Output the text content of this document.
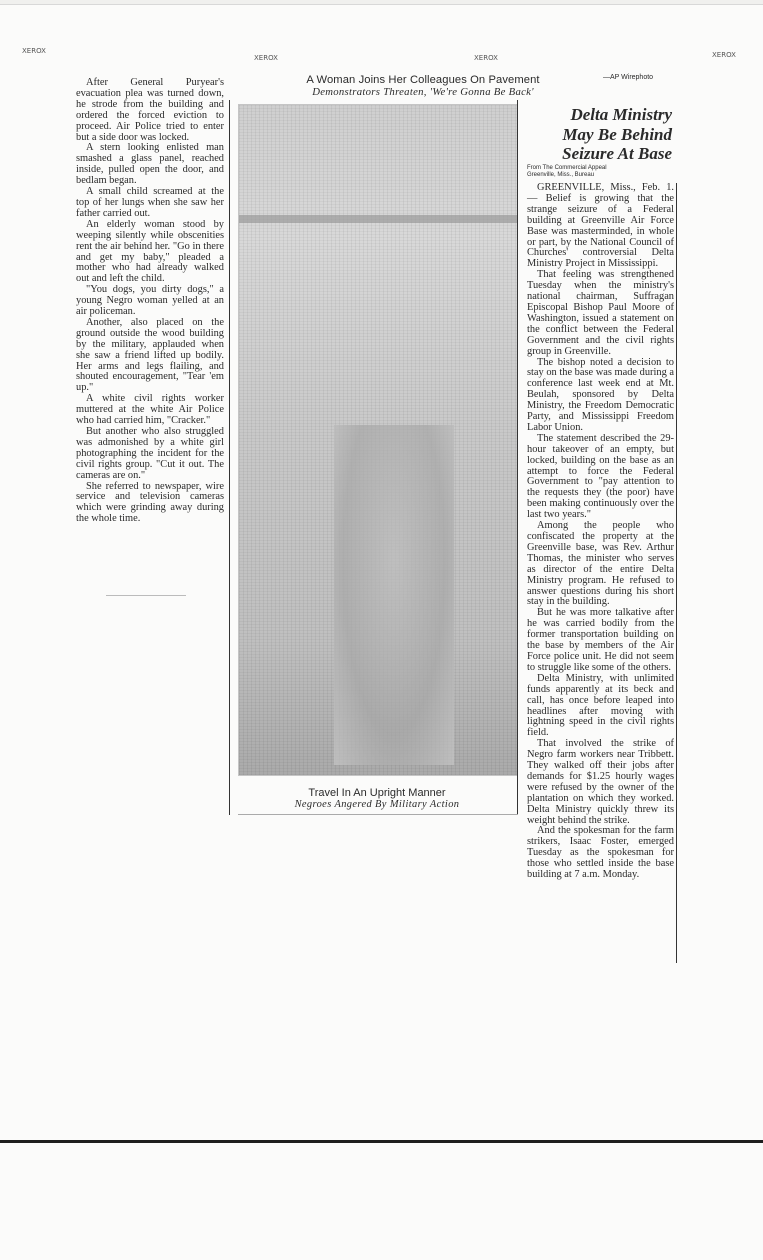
XEROX
XEROX	XEROX	XEROX

After General Puryear's evacuation plea was turned down, he strode from the building and ordered the forced eviction to proceed. Air Police tried to enter but a side door was locked.

A stern looking enlisted man smashed a glass panel, reached inside, pulled open the door, and bedlam began.

A small child screamed at the top of her lungs when she saw her father carried out.

An elderly woman stood by weeping silently while obscenities rent the air behind her. "Go in there and get my baby," pleaded a mother who had already walked out and left the child.

"You dogs, you dirty dogs," a young Negro woman yelled at an air policeman.

Another, also placed on the ground outside the wood building by the military, applauded when she saw a friend lifted up bodily. Her arms and legs flailing, and shouted encouragement, "Tear 'em up."

A white civil rights worker muttered at the white Air Police who had carried him, "Cracker."

But another who also struggled was admonished by a white girl photographing the incident for the civil rights group. "Cut it out. The cameras are on."

She referred to newspaper, wire service and television cameras which were grinding away during the whole time.

A Woman Joins Her Colleagues On Pavement
Demonstrators Threaten, 'We're Gonna Be Back'
—AP Wirephoto
Travel In An Upright Manner
Negroes Angered By Military Action
Delta Ministry
May Be Behind
Seizure At Base
From The Commercial Appeal
Greenville, Miss., Bureau

GREENVILLE, Miss., Feb. 1. — Belief is growing that the strange seizure of a Federal building at Greenville Air Force Base was masterminded, in whole or part, by the National Council of Churches' controversial Delta Ministry Project in Mississippi.

That feeling was strengthened Tuesday when the ministry's national chairman, Suffragan Episcopal Bishop Paul Moore of Washington, issued a statement on the conflict between the Federal Government and the civil rights group in Greenville.

The bishop noted a decision to stay on the base was made during a conference last week end at Mt. Beulah, sponsored by Delta Ministry, the Freedom Democratic Party, and Mississippi Freedom Labor Union.

The statement described the 29-hour takeover of an empty, but locked, building on the base as an attempt to force the Federal Government to "pay attention to the requests they (the poor) have been making continuously over the last two years."

Among the people who confiscated the property at the Greenville base, was Rev. Arthur Thomas, the minister who serves as director of the entire Delta Ministry program. He refused to answer questions during his short stay in the building.

But he was more talkative after he was carried bodily from the former transportation building on the base by members of the Air Force police unit. He did not seem to struggle like some of the others.

Delta Ministry, with unlimited funds apparently at its beck and call, has once before leaped into headlines after moving with lightning speed in the civil rights field.

That involved the strike of Negro farm workers near Tribbett. They walked off their jobs after demands for $1.25 hourly wages were refused by the owner of the plantation on which they worked. Delta Ministry quickly threw its weight behind the strike.

And the spokesman for the farm strikers, Isaac Foster, emerged Tuesday as the spokesman for those who settled inside the base building at 7 a.m. Monday.
